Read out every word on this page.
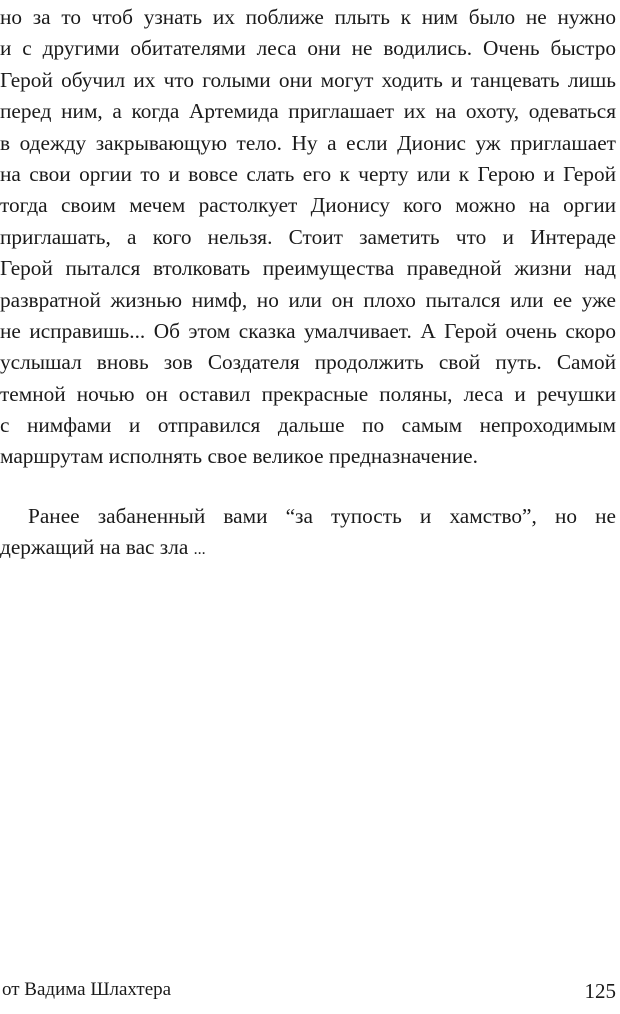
но за то чтоб узнать их поближе плыть к ним было не нужно
и с другими обитателями леса они не водились. Очень быстро
Герой обучил их что голыми они могут ходить и танцевать лишь
перед ним, а когда Артемида приглашает их на охоту, одеваться
в одежду закрывающую тело. Ну а если Дионис уж приглашает
на свои оргии то и вовсе слать его к черту или к Герою и Герой
тогда своим мечем растолкует Дионису кого можно на оргии
приглашать, а кого нельзя. Стоит заметить что и Интераде
Герой пытался втолковать преимущества праведной жизни над
развратной жизнью нимф, но или он плохо пытался или ее уже
не исправишь... Об этом сказка умалчивает. А Герой очень скоро
услышал вновь зов Создателя продолжить свой путь. Самой
темной ночью он оставил прекрасные поляны, леса и речушки
с нимфами и отправился дальше по самым непроходимым
маршрутам исполнять свое великое предназначение.
Ранее забаненный вами “за тупость и хамство”, но не
держащий на вас зла ...
от Вадима Шлахтера	125
